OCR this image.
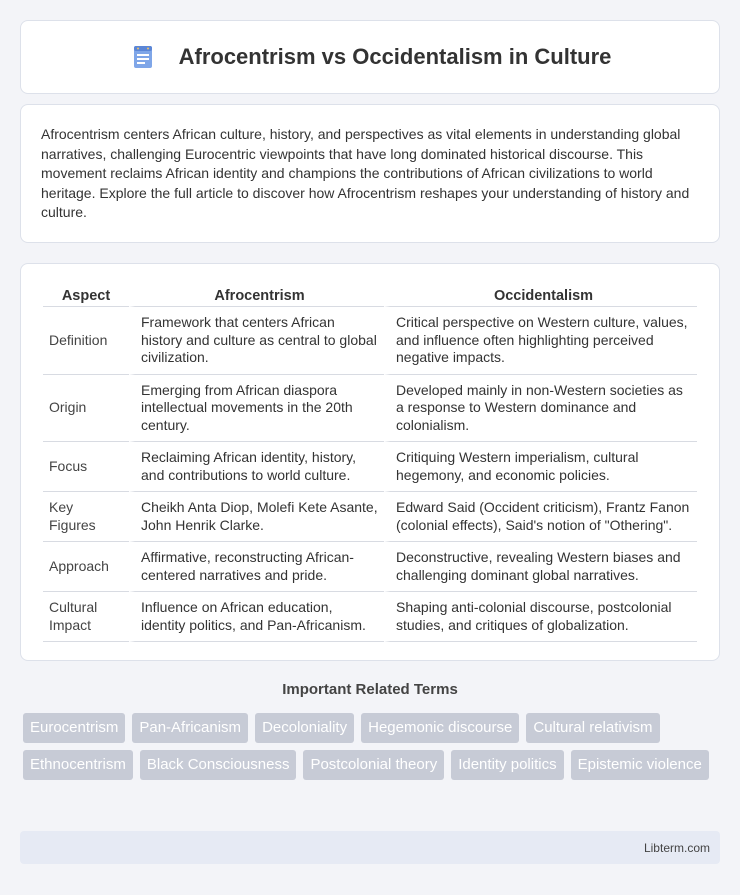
Afrocentrism vs Occidentalism in Culture

Afrocentrism centers African culture, history, and perspectives as vital elements in understanding global narratives, challenging Eurocentric viewpoints that have long dominated historical discourse. This movement reclaims African identity and champions the contributions of African civilizations to world heritage. Explore the full article to discover how Afrocentrism reshapes your understanding of history and culture.

Aspect	Afrocentrism	Occidentalism
Definition	Framework that centers African history and culture as central to global civilization.	Critical perspective on Western culture, values, and influence often highlighting perceived negative impacts.
Origin	Emerging from African diaspora intellectual movements in the 20th century.	Developed mainly in non-Western societies as a response to Western dominance and colonialism.
Focus	Reclaiming African identity, history, and contributions to world culture.	Critiquing Western imperialism, cultural hegemony, and economic policies.
Key Figures	Cheikh Anta Diop, Molefi Kete Asante, John Henrik Clarke.	Edward Said (Occident criticism), Frantz Fanon (colonial effects), Said's notion of "Othering".
Approach	Affirmative, reconstructing African-centered narratives and pride.	Deconstructive, revealing Western biases and challenging dominant global narratives.
Cultural Impact	Influence on African education, identity politics, and Pan-Africanism.	Shaping anti-colonial discourse, postcolonial studies, and critiques of globalization.
Important Related Terms
Eurocentrism	Pan-Africanism	Decoloniality	Hegemonic discourse	Cultural relativism
Ethnocentrism	Black Consciousness	Postcolonial theory	Identity politics	Epistemic violence
Libterm.com
